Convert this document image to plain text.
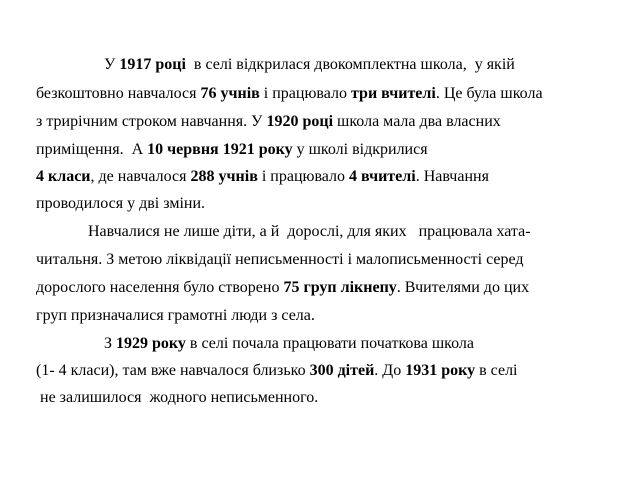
У 1917 році  в селі відкрилася двокомплектна школа,  у якій
безкоштовно навчалося 76 учнів і працювало три вчителі. Це була школа
з трирічним строком навчання. У 1920 році школа мала два власних
приміщення.  А 10 червня 1921 року у школі відкрилися
4 класи, де навчалося 288 учнів і працювало 4 вчителі. Навчання
проводилося у дві зміни.
Навчалися не лише діти, а й  дорослі, для яких   працювала хата-
читальня. З метою ліквідації неписьменності і малописьменності серед
дорослого населення було створено 75 груп лікнепу. Вчителями до цих
груп призначалися грамотні люди з села.
З 1929 року в селі почала працювати початкова школа
(1- 4 класи), там вже навчалося близько 300 дітей. До 1931 року в селі
не залишилося  жодного неписьменного.
